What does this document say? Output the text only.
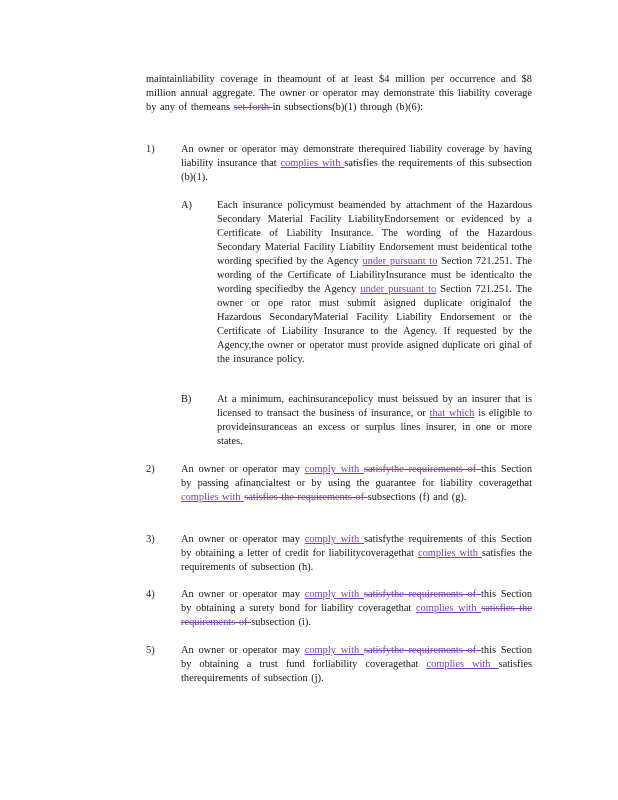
maintainliability coverage in theamount of at least $4 million per occurrence and $8 million annual aggregate. The owner or operator may demonstrate this liability coverage by any of themeans set forth in subsections(b)(1) through (b)(6):
1)	An owner or operator may demonstrate therequired liability coverage by having liability insurance that complies with satisfies the requirements of this subsection (b)(1).
A) Each insurance policymust beamended by attachment of the Hazardous Secondary Material Facility LiabilityEndorsement or evidenced by a Certificate of Liability Insurance. The wording of the Hazardous Secondary Material Facility Liability Endorsement must beidentical tothe wording specified by the Agency under pursuant to Section 721.251. The wording of the Certificate of LiabilityInsurance must be identicalto the wording specifiedby the Agency under pursuant to Section 721.251. The owner or ope rator must submit asigned duplicate originalof the Hazardous SecondaryMaterial Facility Liability Endorsement or the Certificate of Liability Insurance to the Agency. If requested by the Agency,the owner or operator must provide asigned duplicate ori ginal of the insurance policy.
B) At a minimum, eachinsurancepolicy must beissued by an insurer that is licensed to transact the business of insurance, or that which is eligible to provideinsuranceas an excess or surplus lines insurer, in one or more states.
2)	An owner or operator may comply with satisfythe requirements of this Section by passing afinancialtest or by using the guarantee for liability coveragethat complies with satisfies the requirements of subsections (f) and (g).
3)	An owner or operator may comply with satisfythe requirements of this Section by obtaining a letter of credit for liabilitycoveragethat complies with satisfies the requirements of subsection (h).
4)	An owner or operator may comply with satisfythe requirements of this Section by obtaining a surety bond for liability coveragethat complies with satisfies the requirements of subsection (i).
5)	An owner or operator may comply with satisfythe requirements of this Section by obtaining a trust fund forliability coveragethat complies with satisfies therequirements of subsection (j).
